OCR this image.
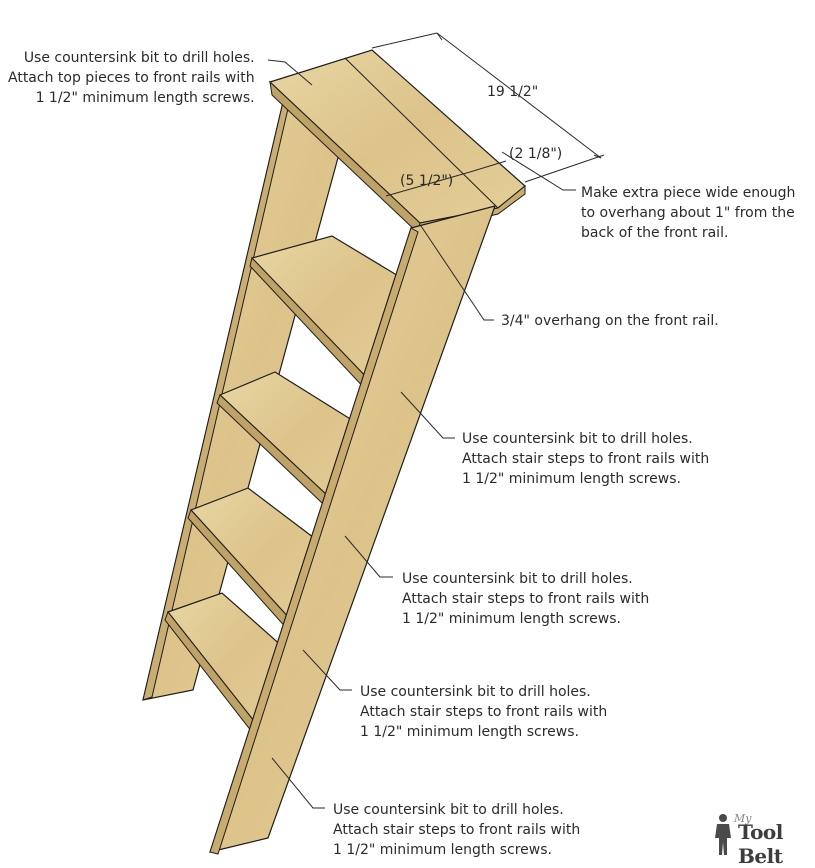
Use countersink bit to drill holes.
Attach top pieces to front rails with
1 1/2" minimum length screws.
Make extra piece wide enough
to overhang about 1" from the
back of the front rail.
3/4" overhang on the front rail.
Use countersink bit to drill holes.
Attach stair steps to front rails with
1 1/2" minimum length screws.
Use countersink bit to drill holes.
Attach stair steps to front rails with
1 1/2" minimum length screws.
Use countersink bit to drill holes.
Attach stair steps to front rails with
1 1/2" minimum length screws.
Use countersink bit to drill holes.
Attach stair steps to front rails with
1 1/2" minimum length screws.
19 1/2"
(5 1/2")
(2 1/8")
My
Tool Belt
